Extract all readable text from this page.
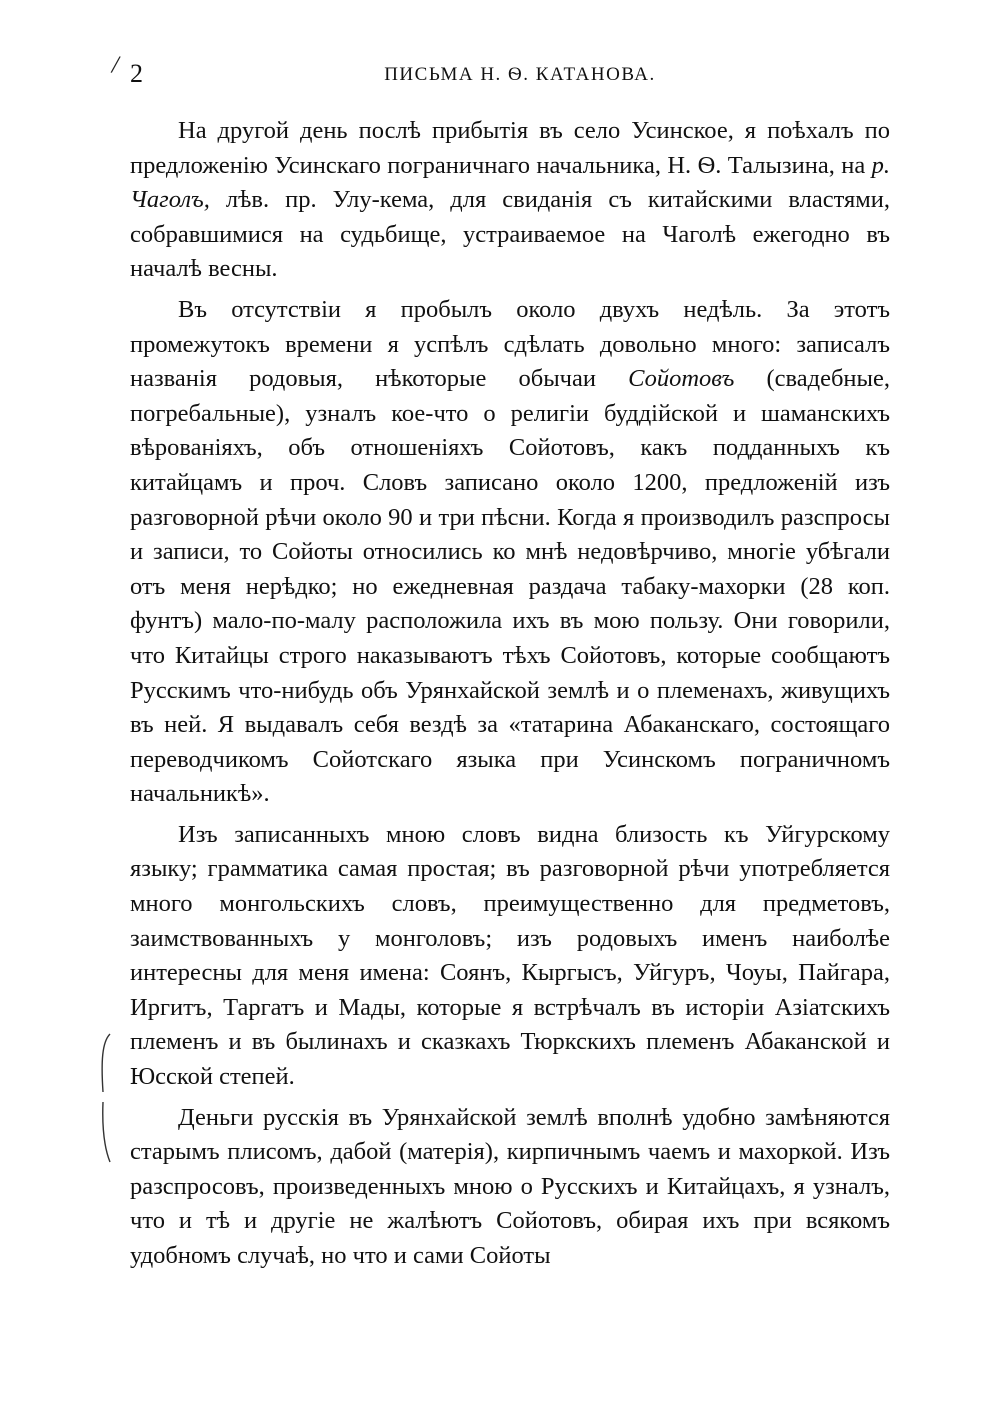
/ 2	ПИСЬМА Н. Ѳ. КАТАНОВА.

На другой день послѣ прибытія въ село Усинское, я поѣхалъ по предложенію Усинскаго пограничнаго начальника, Н. Ѳ. Талызина, на р. Чаголъ, лѣв. пр. Улу-кема, для свиданія съ китайскими властями, собравшимися на судьбище, устраиваемое на Чаголѣ ежегодно въ началѣ весны.

Въ отсутствіи я пробылъ около двухъ недѣль. За этотъ промежутокъ времени я успѣлъ сдѣлать довольно много: записалъ названія родовыя, нѣкоторые обычаи Сойотовъ (свадебные, погребальные), узналъ кое-что о религіи буддійской и шаманскихъ вѣрованіяхъ, объ отношеніяхъ Сойотовъ, какъ подданныхъ къ китайцамъ и проч. Словъ записано около 1200, предложеній изъ разговорной рѣчи около 90 и три пѣсни. Когда я производилъ разспросы и записи, то Сойоты относились ко мнѣ недовѣрчиво, многіе убѣгали отъ меня нерѣдко; но ежедневная раздача табаку-махорки (28 коп. фунтъ) мало-по-малу расположила ихъ въ мою пользу. Они говорили, что Китайцы строго наказываютъ тѣхъ Сойотовъ, которые сообщаютъ Русскимъ что-нибудь объ Урянхайской землѣ и о племенахъ, живущихъ въ ней. Я выдавалъ себя вездѣ за «татарина Абаканскаго, состоящаго переводчикомъ Сойотскаго языка при Усинскомъ пограничномъ начальникѣ».

Изъ записанныхъ мною словъ видна близость къ Уйгурскому языку; грамматика самая простая; въ разговорной рѣчи употребляется много монгольскихъ словъ, преимущественно для предметовъ, заимствованныхъ у монголовъ; изъ родовыхъ именъ наиболѣе интересны для меня имена: Соянъ, Кыргысъ, Уйгуръ, Чоуы, Пайгара, Иргитъ, Таргатъ и Мады, которые я встрѣчалъ въ исторіи Азіатскихъ племенъ и въ былинахъ и сказкахъ Тюркскихъ племенъ Абаканской и Юсской степей.

Деньги русскія въ Урянхайской землѣ вполнѣ удобно замѣняются старымъ плисомъ, дабой (матерія), кирпичнымъ чаемъ и махоркой. Изъ разспросовъ, произведенныхъ мною о Русскихъ и Китайцахъ, я узналъ, что и тѣ и другіе не жалѣютъ Сойотовъ, обирая ихъ при всякомъ удобномъ случаѣ, но что и сами Сойоты
